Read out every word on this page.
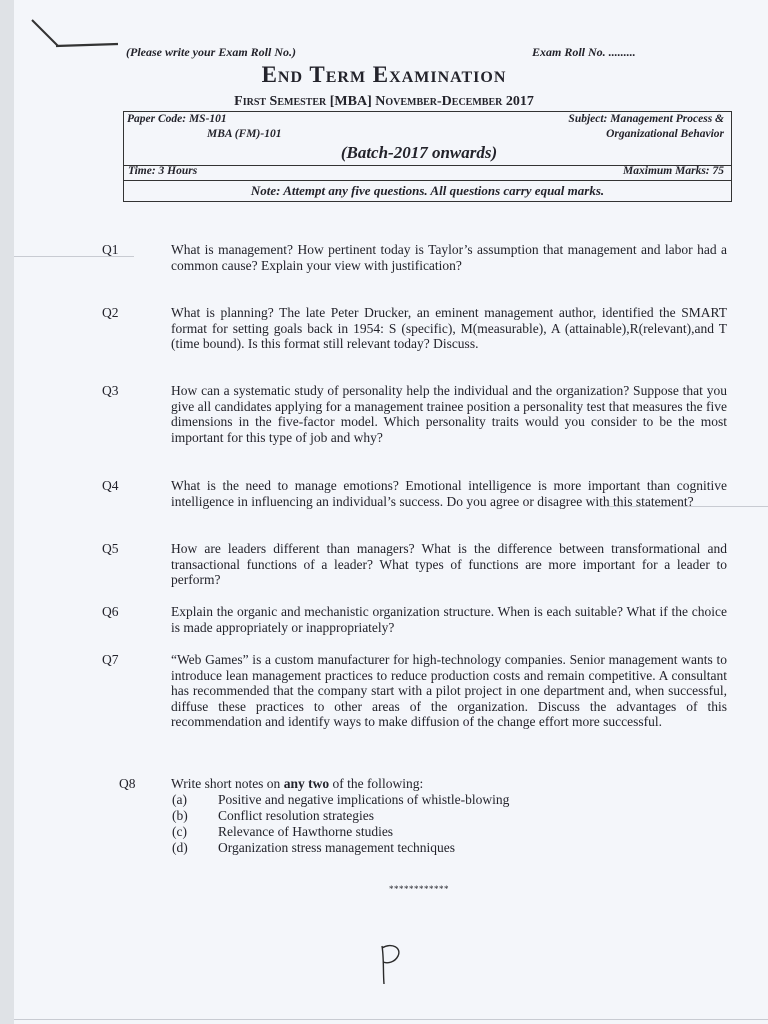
(Please write your Exam Roll No.)	Exam Roll No. .........
End Term Examination
First Semester [MBA] November-December 2017
Paper Code: MS-101
MBA (FM)-101
Subject: Management Process &
Organizational Behavior
(Batch-2017 onwards)
Time: 3 Hours	Maximum Marks: 75
Note: Attempt any five questions. All questions carry equal marks.
Q1	What is management? How pertinent today is Taylor’s assumption that management and labor had a common cause? Explain your view with justification?
Q2	What is planning? The late Peter Drucker, an eminent management author, identified the SMART format for setting goals back in 1954: S (specific), M(measurable), A (attainable),R(relevant),and T (time bound). Is this format still relevant today? Discuss.
Q3	How can a systematic study of personality help the individual and the organization? Suppose that you give all candidates applying for a management trainee position a personality test that measures the five dimensions in the five-factor model. Which personality traits would you consider to be the most important for this type of job and why?
Q4	What is the need to manage emotions? Emotional intelligence is more important than cognitive intelligence in influencing an individual’s success. Do you agree or disagree with this statement?
Q5	How are leaders different than managers? What is the difference between transformational and transactional functions of a leader? What types of functions are more important for a leader to perform?
Q6	Explain the organic and mechanistic organization structure. When is each suitable? What if the choice is made appropriately or inappropriately?
Q7	“Web Games” is a custom manufacturer for high-technology companies. Senior management wants to introduce lean management practices to reduce production costs and remain competitive. A consultant has recommended that the company start with a pilot project in one department and, when successful, diffuse these practices to other areas of the organization. Discuss the advantages of this recommendation and identify ways to make diffusion of the change effort more successful.
Q8	Write short notes on any two of the following:
(a) Positive and negative implications of whistle-blowing
(b) Conflict resolution strategies
(c) Relevance of Hawthorne studies
(d) Organization stress management techniques
************
